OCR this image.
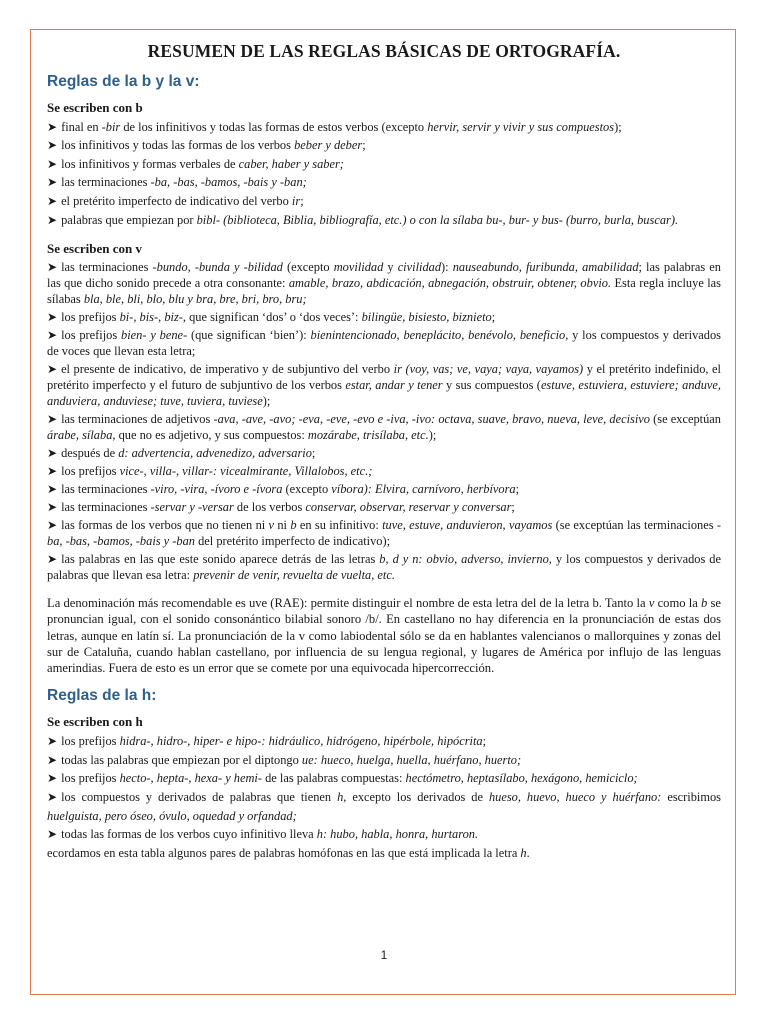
RESUMEN DE LAS REGLAS BÁSICAS DE ORTOGRAFÍA.
Reglas de la b y la v:

Se escriben con b

➤ final en -bir de los infinitivos y todas las formas de estos verbos (excepto hervir, servir y vivir y sus compuestos);

➤ los infinitivos y todas las formas de los verbos beber y deber;

➤ los infinitivos y formas verbales de caber, haber y saber;

➤ las terminaciones -ba, -bas, -bamos, -bais y -ban;

➤ el pretérito imperfecto de indicativo del verbo ir;

➤ palabras que empiezan por bibl- (biblioteca, Biblia, bibliografía, etc.) o con la sílaba bu-, bur- y bus- (burro, burla, buscar).

Se escriben con v

➤ las terminaciones -bundo, -bunda y -bilidad (excepto movilidad y civilidad): nauseabundo, furibunda, amabilidad; las palabras en las que dicho sonido precede a otra consonante: amable, brazo, abdicación, abnegación, obstruir, obtener, obvio. Esta regla incluye las sílabas bla, ble, bli, blo, blu y bra, bre, bri, bro, bru;

➤ los prefijos bi-, bis-, biz-, que significan ‘dos’ o ‘dos veces’: bilingüe, bisiesto, biznieto;

➤ los prefijos bien- y bene- (que significan ‘bien’): bienintencionado, beneplácito, benévolo, beneficio, y los compuestos y derivados de voces que llevan esta letra;

➤ el presente de indicativo, de imperativo y de subjuntivo del verbo ir (voy, vas; ve, vaya; vaya, vayamos) y el pretérito indefinido, el pretérito imperfecto y el futuro de subjuntivo de los verbos estar, andar y tener y sus compuestos (estuve, estuviera, estuviere; anduve, anduviera, anduviese; tuve, tuviera, tuviese);

➤ las terminaciones de adjetivos -ava, -ave, -avo; -eva, -eve, -evo e -iva, -ivo: octava, suave, bravo, nueva, leve, decisivo (se exceptúan árabe, sílaba, que no es adjetivo, y sus compuestos: mozárabe, trisílaba, etc.);

➤ después de d: advertencia, advenedizo, adversario;

➤ los prefijos vice-, villa-, villar-: vicealmirante, Villalobos, etc.;

➤ las terminaciones -viro, -vira, -ívoro e -ívora (excepto víbora): Elvira, carnívoro, herbívora;

➤ las terminaciones -servar y -versar de los verbos conservar, observar, reservar y conversar;

➤ las formas de los verbos que no tienen ni v ni b en su infinitivo: tuve, estuve, anduvieron, vayamos (se exceptúan las terminaciones -ba, -bas, -bamos, -bais y -ban del pretérito imperfecto de indicativo);

➤ las palabras en las que este sonido aparece detrás de las letras b, d y n: obvio, adverso, invierno, y los compuestos y derivados de palabras que llevan esa letra: prevenir de venir, revuelta de vuelta, etc.

La denominación más recomendable es uve (RAE): permite distinguir el nombre de esta letra del de la letra b. Tanto la v como la b se pronuncian igual, con el sonido consonántico bilabial sonoro /b/. En castellano no hay diferencia en la pronunciación de estas dos letras, aunque en latín sí. La pronunciación de la v como labiodental sólo se da en hablantes valencianos o mallorquines y zonas del sur de Cataluña, cuando hablan castellano, por influencia de su lengua regional, y lugares de América por influjo de las lenguas amerindias. Fuera de esto es un error que se comete por una equivocada hipercorrección.

Reglas de la h:

Se escriben con h

➤ los prefijos hidra-, hidro-, hiper- e hipo-: hidráulico, hidrógeno, hipérbole, hipócrita;

➤ todas las palabras que empiezan por el diptongo ue: hueco, huelga, huella, huérfano, huerto;

➤ los prefijos hecto-, hepta-, hexa- y hemi- de las palabras compuestas: hectómetro, heptasílabo, hexágono, hemiciclo;

➤ los compuestos y derivados de palabras que tienen h, excepto los derivados de hueso, huevo, hueco y huérfano: escribimos huelguista, pero óseo, óvulo, oquedad y orfandad;

➤ todas las formas de los verbos cuyo infinitivo lleva h: hubo, habla, honra, hurtaron.

ecordamos en esta tabla algunos pares de palabras homófonas en las que está implicada la letra h.

1
